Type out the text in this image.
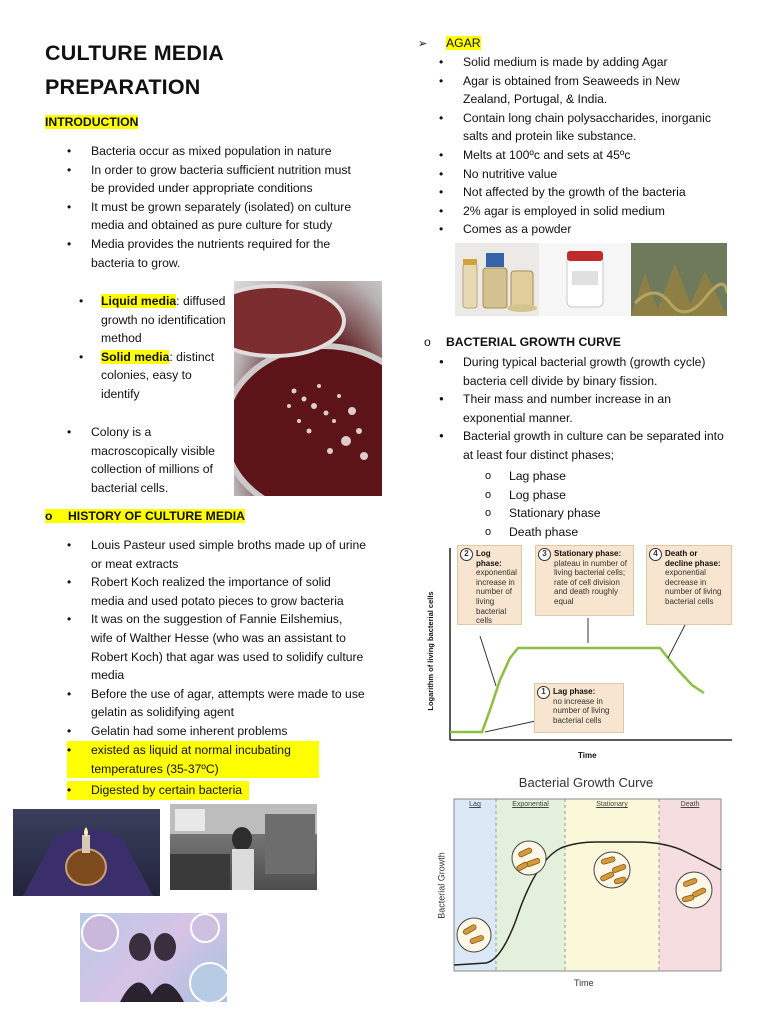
CULTURE MEDIA
PREPARATION
INTRODUCTION
• Bacteria occur as mixed population in nature
• In order to grow bacteria sufficient nutrition must be provided under appropriate conditions
• It must be grown separately (isolated) on culture media and obtained as pure culture for study
• Media provides the nutrients required for the bacteria to grow.
• Liquid media: diffused growth no identification method
• Solid media: distinct colonies, easy to identify
• Colony is a macroscopically visible collection of millions of bacterial cells.
o HISTORY OF CULTURE MEDIA
• Louis Pasteur used simple broths made up of urine or meat extracts
• Robert Koch realized the importance of solid media and used potato pieces to grow bacteria
• It was on the suggestion of Fannie Eilshemius, wife of Walther Hesse (who was an assistant to Robert Koch) that agar was used to solidify culture media
• Before the use of agar, attempts were made to use gelatin as solidifying agent
• Gelatin had some inherent problems
• existed as liquid at normal incubating temperatures (35-37ºC)
• Digested by certain bacteria
➢ AGAR
• Solid medium is made by adding Agar
• Agar is obtained from Seaweeds in New Zealand, Portugal, & India.
• Contain long chain polysaccharides, inorganic salts and protein like substance.
• Melts at 100ºc and sets at 45ºc
• No nutritive value
• Not affected by the growth of the bacteria
• 2% agar is employed in solid medium
• Comes as a powder
o BACTERIAL GROWTH CURVE
● During typical bacterial growth (growth cycle) bacteria cell divide by binary fission.
● Their mass and number increase in an exponential manner.
● Bacterial growth in culture can be separated into at least four distinct phases;
o Lag phase
o Log phase
o Stationary phase
o Death phase
Logarithm of living bacterial cells
Time
2 Log phase:
exponential increase in number of living bacterial cells
3 Stationary phase:
plateau in number of living bacterial cells; rate of cell division and death roughly equal
4 Death or decline phase:
exponential decrease in number of living bacterial cells
1 Lag phase:
no increase in number of living bacterial cells
Bacterial Growth Curve
Lag	Exponential	Stationary	Death
Bacterial Growth
Time
